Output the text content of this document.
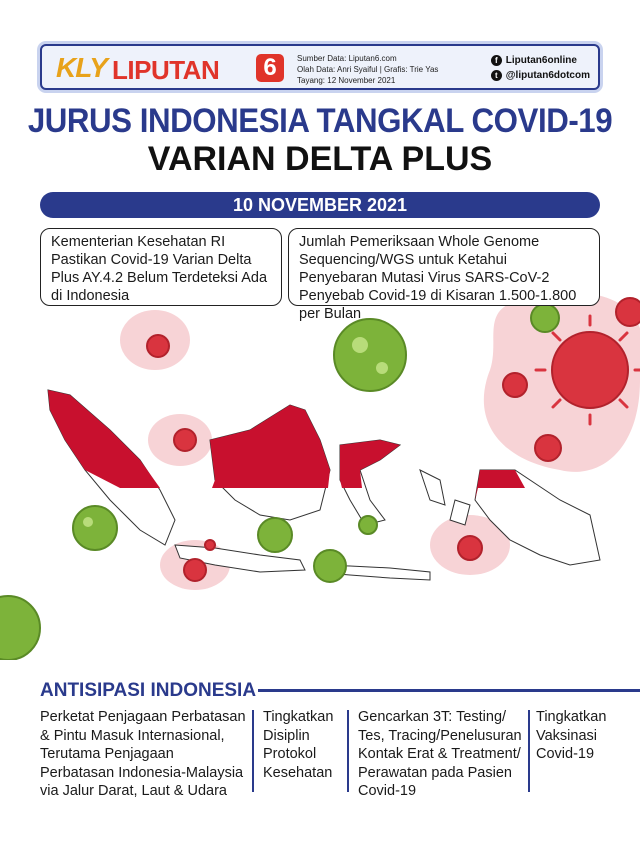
KLY LIPUTAN	6	Sumber Data: Liputan6.com
Olah Data: Anri Syaiful | Grafis: Trie Yas
Tayang: 12 November 2021
f Liputan6online
t @liputan6dotcom
JURUS INDONESIA TANGKAL COVID-19
VARIAN DELTA PLUS
10 NOVEMBER 2021
Kementerian Kesehatan RI Pastikan Covid-19 Varian Delta Plus AY.4.2 Belum Terdeteksi Ada di Indonesia
Jumlah Pemeriksaan Whole Genome Sequencing/WGS untuk Ketahui Penyebaran Mutasi Virus SARS-CoV-2 Penyebab Covid-19 di Kisaran 1.500-1.800 per Bulan
ANTISIPASI INDONESIA
Perketat Penjagaan Perbatasan & Pintu Masuk Internasional, Terutama Penjagaan Perbatasan Indonesia-Malaysia via Jalur Darat, Laut & Udara
Tingkatkan Disiplin Protokol Kesehatan
Gencarkan 3T: Testing/ Tes, Tracing/Penelusuran Kontak Erat & Treatment/ Perawatan pada Pasien Covid-19
Tingkatkan Vaksinasi Covid-19
